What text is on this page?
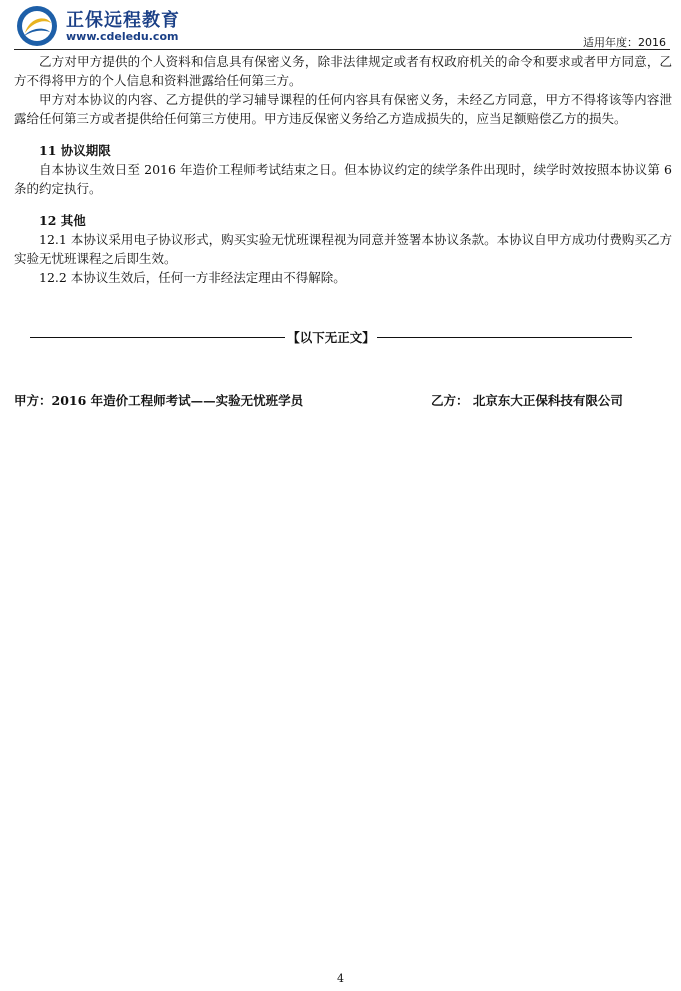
正保远程教育
www.cdeledu.com	适用年度：2016

乙方对甲方提供的个人资料和信息具有保密义务，除非法律规定或者有权政府机关的命令和要求或者甲方同意，乙方不得将甲方的个人信息和资料泄露给任何第三方。

甲方对本协议的内容、乙方提供的学习辅导课程的任何内容具有保密义务，未经乙方同意，甲方不得将该等内容泄露给任何第三方或者提供给任何第三方使用。甲方违反保密义务给乙方造成损失的，应当足额赔偿乙方的损失。

11 协议期限

自本协议生效日至 2016 年造价工程师考试结束之日。但本协议约定的续学条件出现时，续学时效按照本协议第 6 条的约定执行。

12 其他

12.1 本协议采用电子协议形式，购买实验无忧班课程视为同意并签署本协议条款。本协议自甲方成功付费购买乙方实验无忧班课程之后即生效。

12.2 本协议生效后，任何一方非经法定理由不得解除。

【以下无正文】
甲方：2016 年造价工程师考试——实验无忧班学员	乙方： 北京东大正保科技有限公司
4
